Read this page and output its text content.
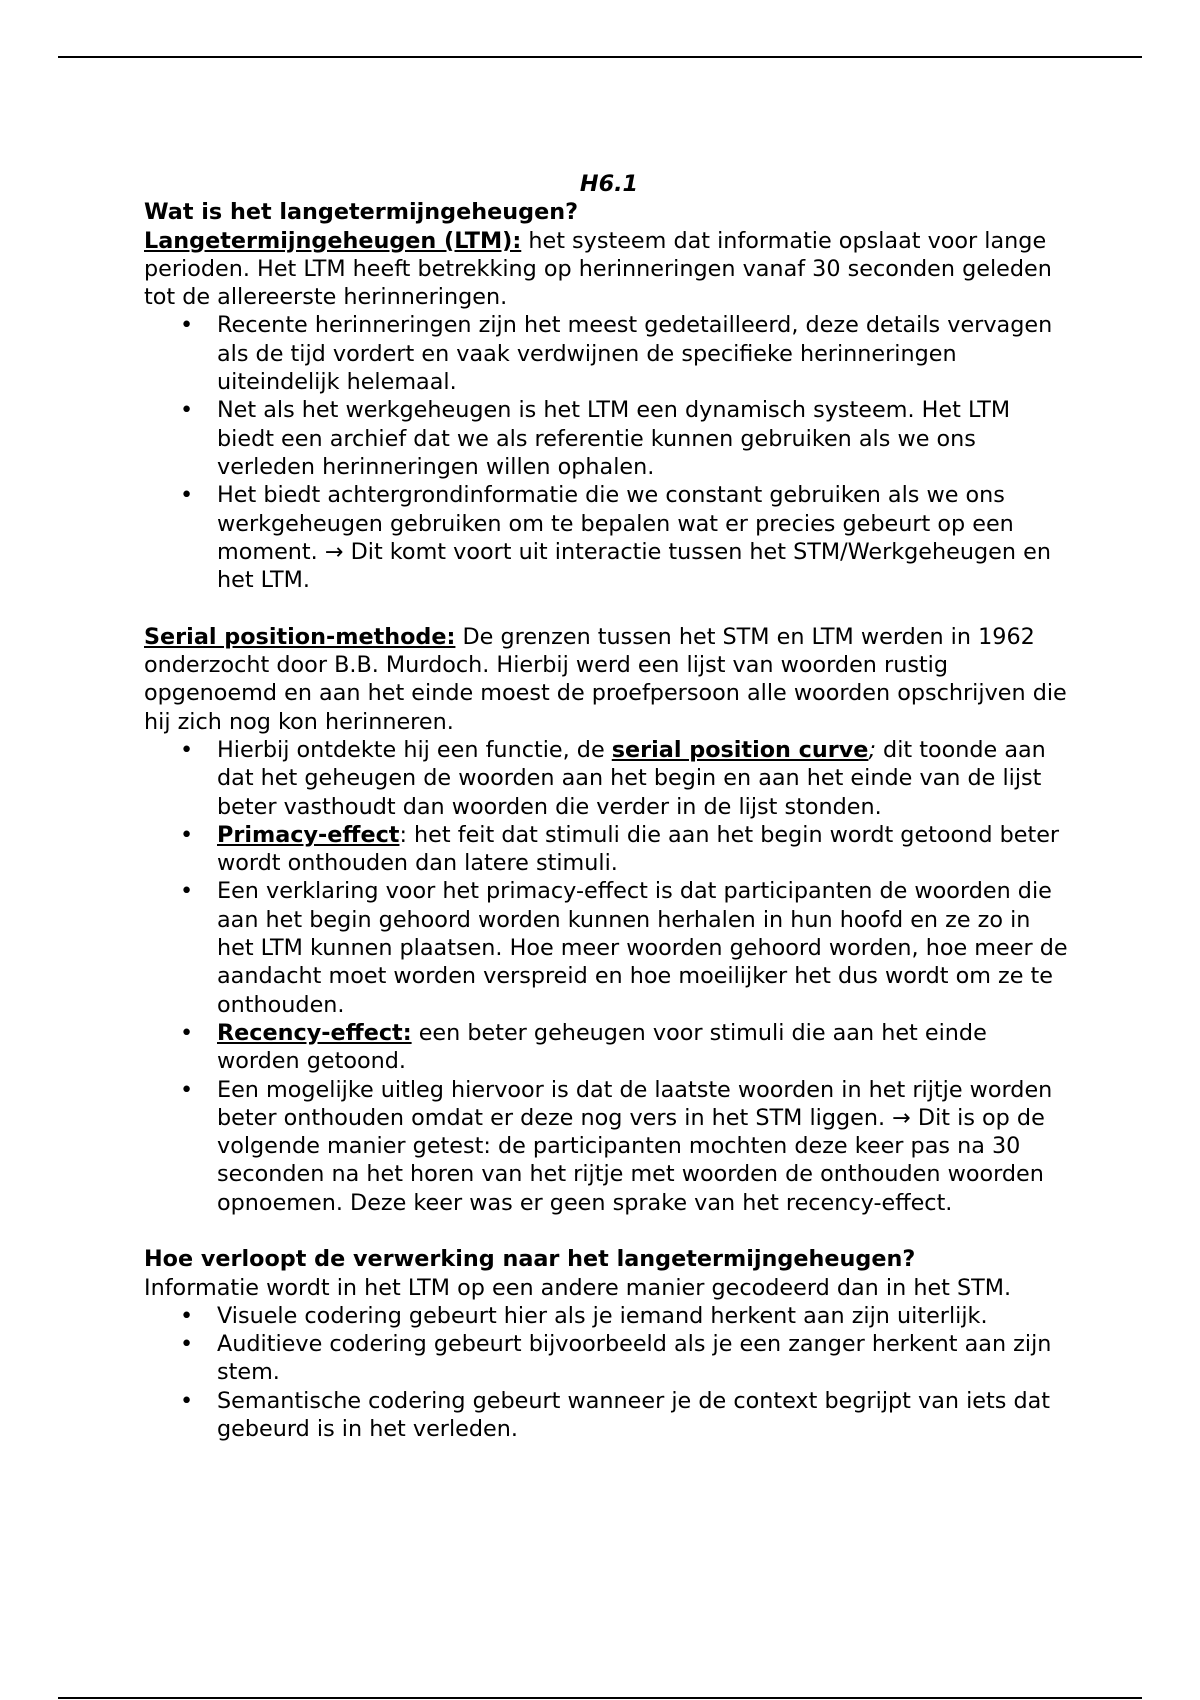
H6.1

Wat is het langetermijngeheugen?

Langetermijngeheugen (LTM): het systeem dat informatie opslaat voor lange perioden. Het LTM heeft betrekking op herinneringen vanaf 30 seconden geleden tot de allereerste herinneringen.

• Recente herinneringen zijn het meest gedetailleerd, deze details vervagen als de tijd vordert en vaak verdwijnen de specifieke herinneringen uiteindelijk helemaal.
• Net als het werkgeheugen is het LTM een dynamisch systeem. Het LTM biedt een archief dat we als referentie kunnen gebruiken als we ons verleden herinneringen willen ophalen.
• Het biedt achtergrondinformatie die we constant gebruiken als we ons werkgeheugen gebruiken om te bepalen wat er precies gebeurt op een moment. → Dit komt voort uit interactie tussen het STM/Werkgeheugen en het LTM.

Serial position-methode: De grenzen tussen het STM en LTM werden in 1962 onderzocht door B.B. Murdoch. Hierbij werd een lijst van woorden rustig opgenoemd en aan het einde moest de proefpersoon alle woorden opschrijven die hij zich nog kon herinneren.

• Hierbij ontdekte hij een functie, de serial position curve; dit toonde aan dat het geheugen de woorden aan het begin en aan het einde van de lijst beter vasthoudt dan woorden die verder in de lijst stonden.
• Primacy-effect: het feit dat stimuli die aan het begin wordt getoond beter wordt onthouden dan latere stimuli.
• Een verklaring voor het primacy-effect is dat participanten de woorden die aan het begin gehoord worden kunnen herhalen in hun hoofd en ze zo in het LTM kunnen plaatsen. Hoe meer woorden gehoord worden, hoe meer de aandacht moet worden verspreid en hoe moeilijker het dus wordt om ze te onthouden.
• Recency-effect: een beter geheugen voor stimuli die aan het einde worden getoond.
• Een mogelijke uitleg hiervoor is dat de laatste woorden in het rijtje worden beter onthouden omdat er deze nog vers in het STM liggen. → Dit is op de volgende manier getest: de participanten mochten deze keer pas na 30 seconden na het horen van het rijtje met woorden de onthouden woorden opnoemen. Deze keer was er geen sprake van het recency-effect.

Hoe verloopt de verwerking naar het langetermijngeheugen?

Informatie wordt in het LTM op een andere manier gecodeerd dan in het STM.

• Visuele codering gebeurt hier als je iemand herkent aan zijn uiterlijk.
• Auditieve codering gebeurt bijvoorbeeld als je een zanger herkent aan zijn stem.
• Semantische codering gebeurt wanneer je de context begrijpt van iets dat gebeurd is in het verleden.
